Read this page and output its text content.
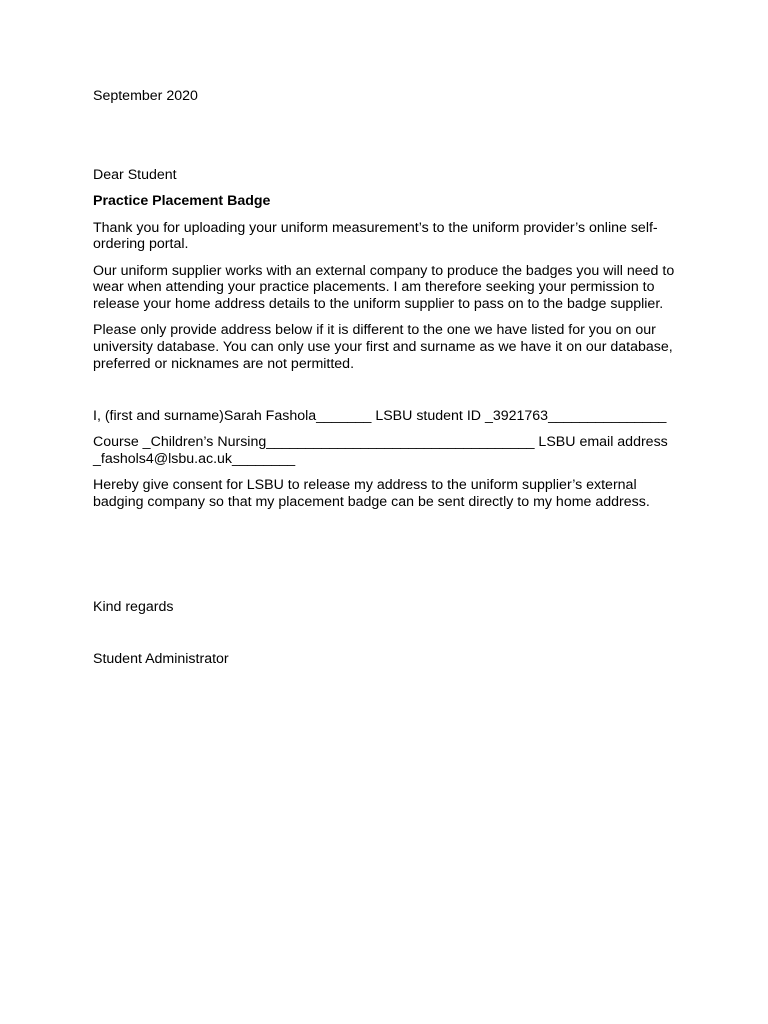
September 2020
Dear Student
Practice Placement Badge
Thank you for uploading your uniform measurement’s to the uniform provider’s online self-
ordering portal.
Our uniform supplier works with an external company to produce the badges you will need to
wear when attending your practice placements. I am therefore seeking your permission to
release your home address details to the uniform supplier to pass on to the badge supplier.
Please only provide address below if it is different to the one we have listed for you on our
university database. You can only use your first and surname as we have it on our database,
preferred or nicknames are not permitted.
I, (first and surname)Sarah Fashola_______ LSBU student ID _3921763_______________
Course _Children’s Nursing__________________________________ LSBU email address
_fashols4@lsbu.ac.uk________
Hereby give consent for LSBU to release my address to the uniform supplier’s external
badging company so that my placement badge can be sent directly to my home address.
Kind regards
Student Administrator
